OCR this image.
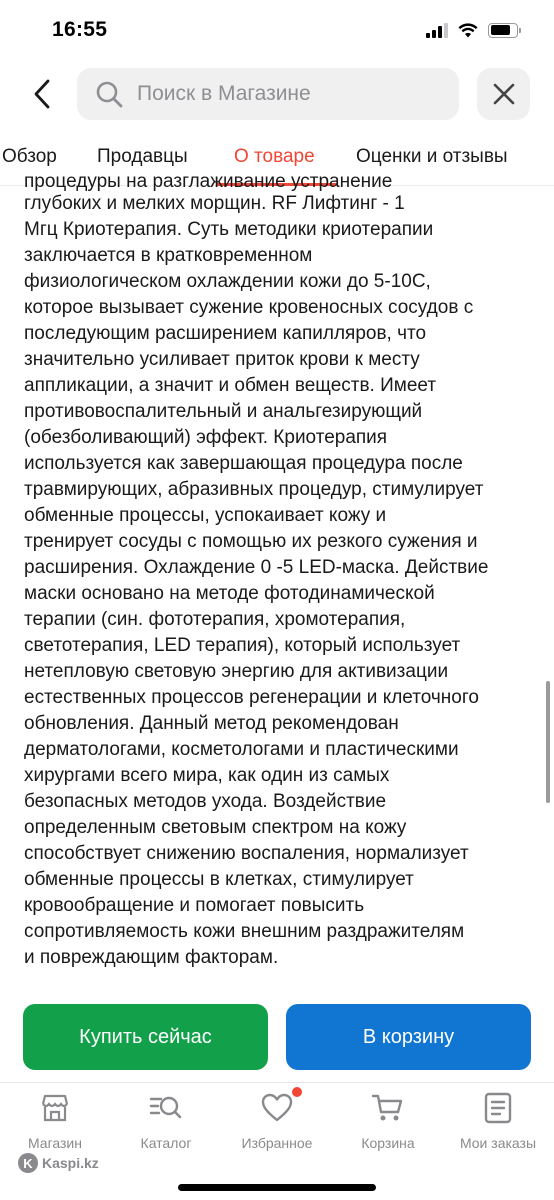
16:55
Поиск в Магазине
Обзор Продавцы О товаре Оценки и отзывы
процедуры на разглаживание устранение
глубоких и мелких морщин. RF Лифтинг - 1
Мгц Криотерапия. Суть методики криотерапии
заключается в кратковременном
физиологическом охлаждении кожи до 5-10С,
которое вызывает сужение кровеносных сосудов с
последующим расширением капилляров, что
значительно усиливает приток крови к месту
аппликации, а значит и обмен веществ. Имеет
противовоспалительный и анальгезирующий
(обезболивающий) эффект. Криотерапия
используется как завершающая процедура после
травмирующих, абразивных процедур, стимулирует
обменные процессы, успокаивает кожу и
тренирует сосуды с помощью их резкого сужения и
расширения. Охлаждение 0 -5 LED-маска. Действие
маски основано на методе фотодинамической
терапии (син. фототерапия, хромотерапия,
светотерапия, LED терапия), который использует
нетепловую световую энергию для активизации
естественных процессов регенерации и клеточного
обновления. Данный метод рекомендован
дерматологами, косметологами и пластическими
хирургами всего мира, как один из самых
безопасных методов ухода. Воздействие
определенным световым спектром на кожу
способствует снижению воспаления, нормализует
обменные процессы в клетках, стимулирует
кровообращение и помогает повысить
сопротивляемость кожи внешним раздражителям
и повреждающим факторам.
Купить сейчас	В корзину
Магазин	Каталог	Избранное	Корзина	Мои заказы
K Kaspi.kz
